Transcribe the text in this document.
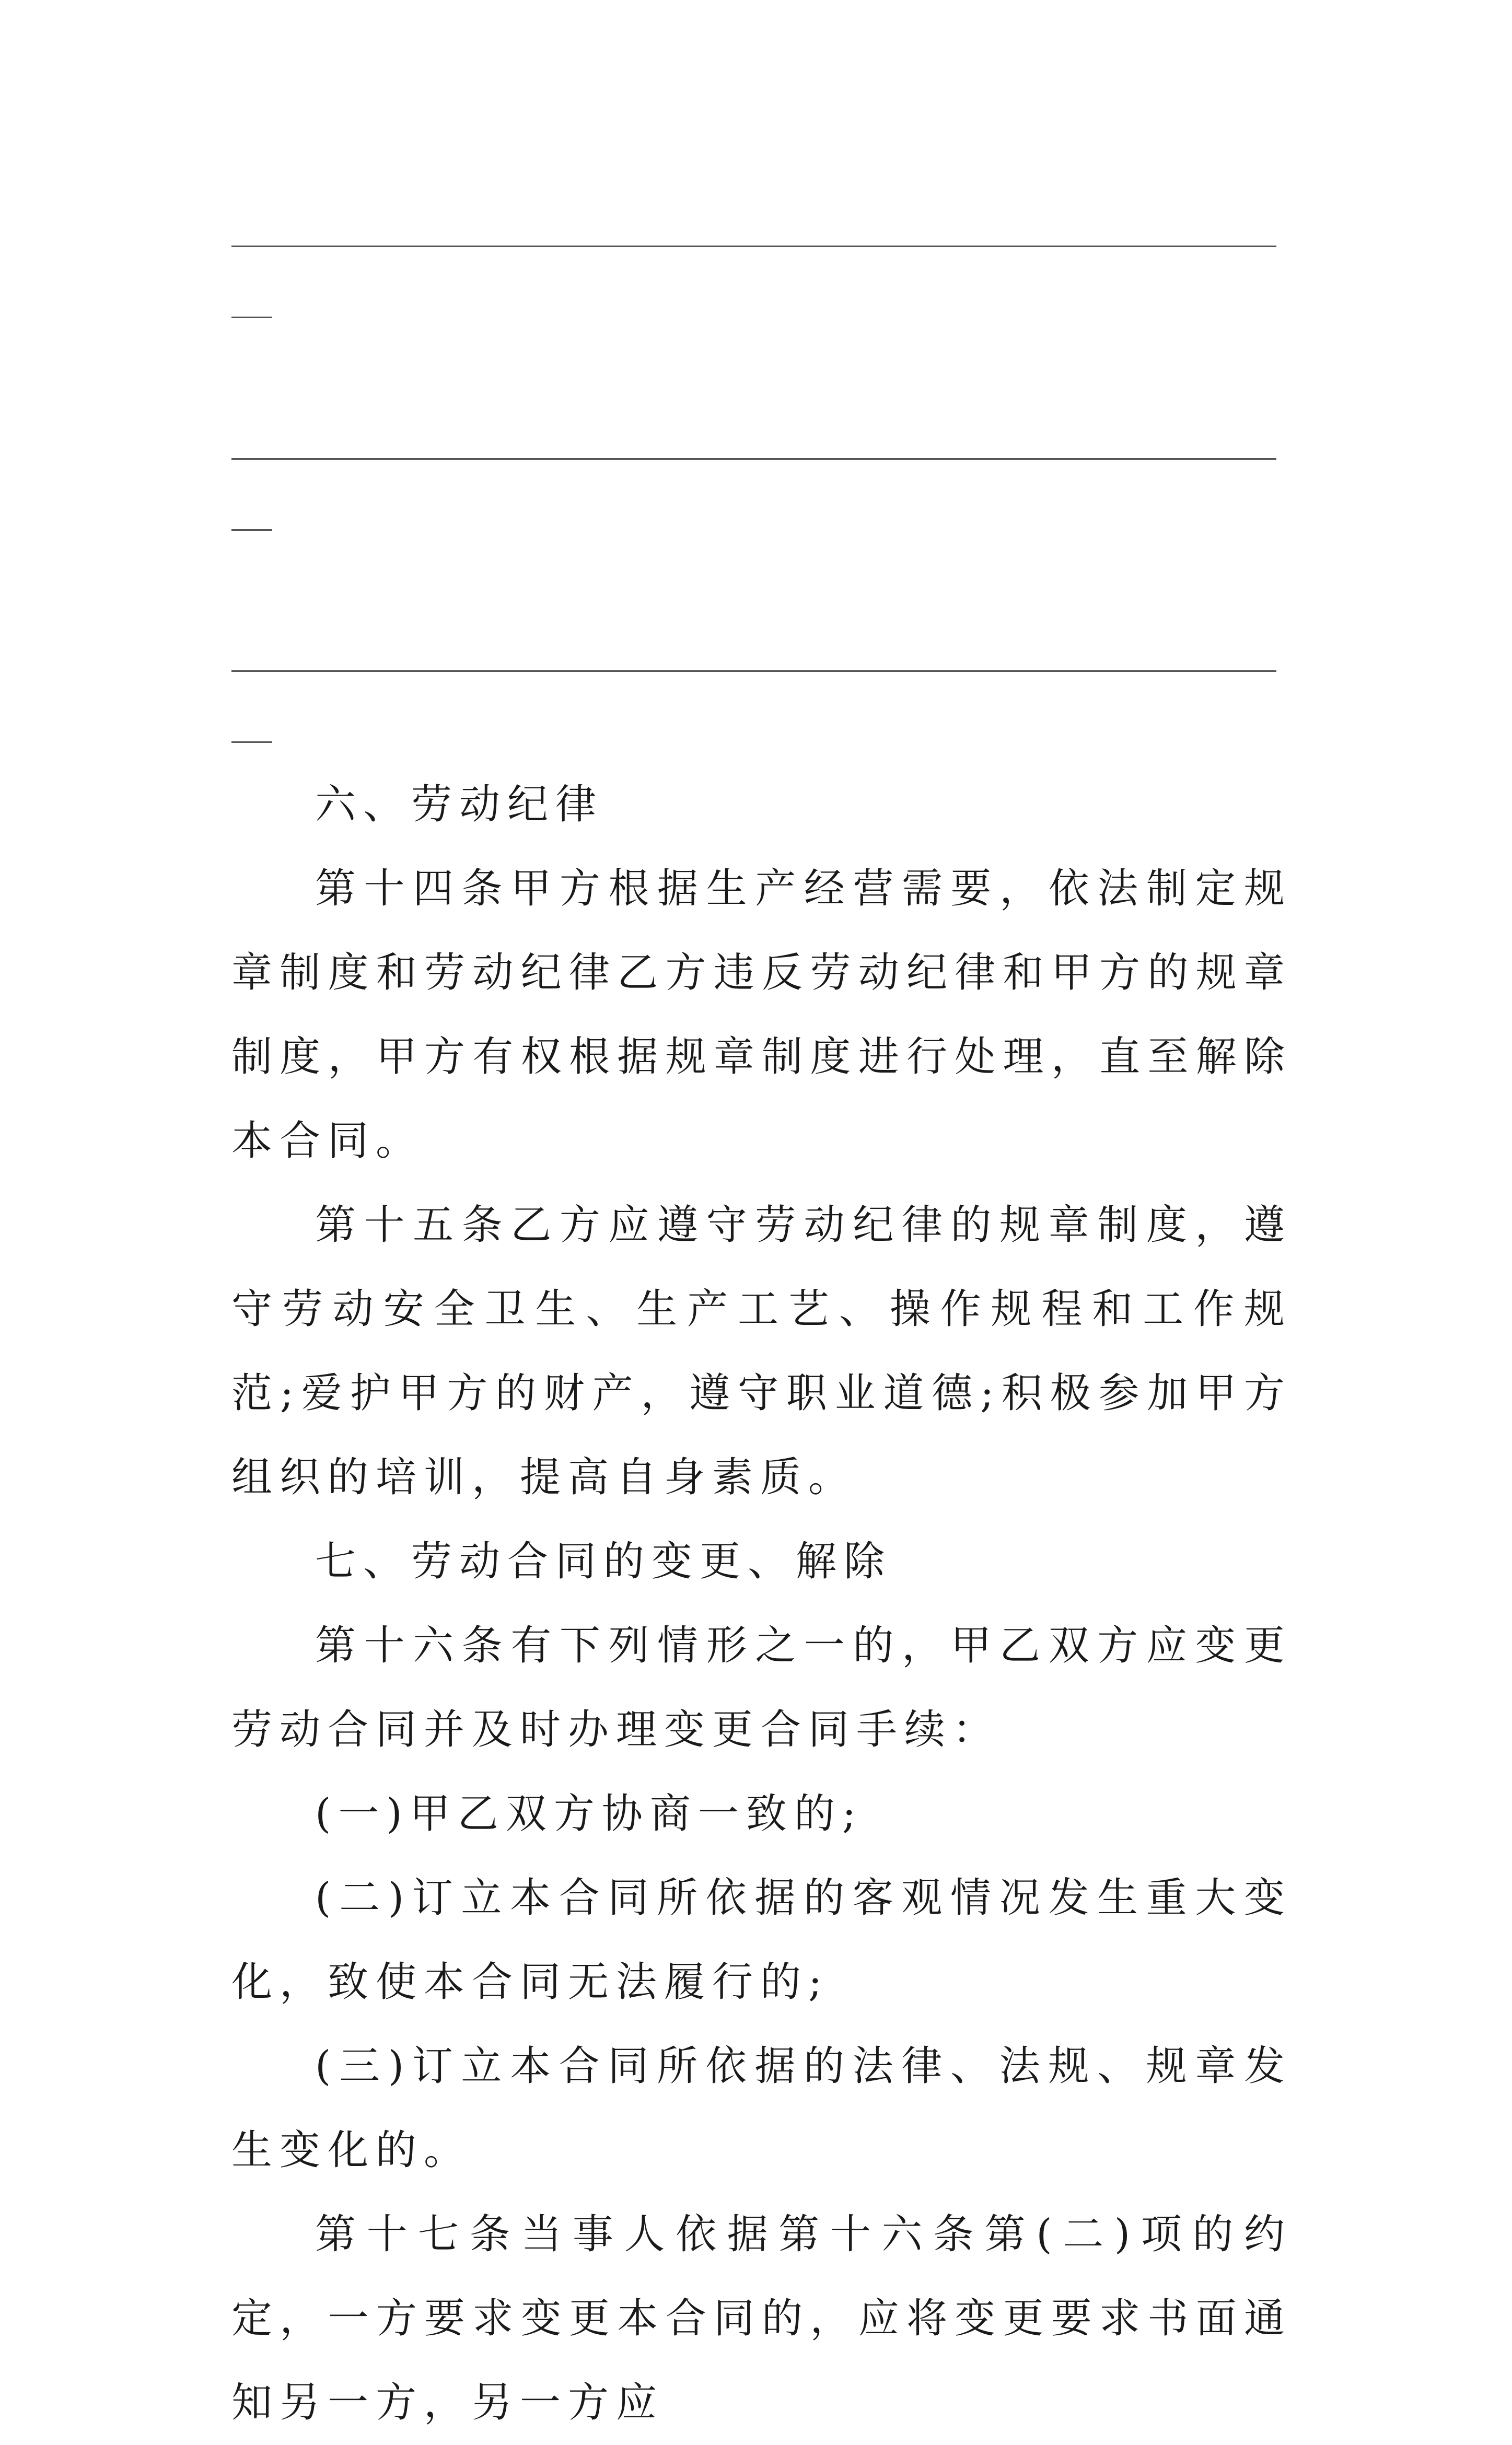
六、劳动纪律

第十四条甲方根据生产经营需要，依法制定规章制度和劳动纪律乙方违反劳动纪律和甲方的规章制度，甲方有权根据规章制度进行处理，直至解除本合同。

第十五条乙方应遵守劳动纪律的规章制度，遵守劳动安全卫生、生产工艺、操作规程和工作规范;爱护甲方的财产，遵守职业道德;积极参加甲方组织的培训，提高自身素质。

七、劳动合同的变更、解除

第十六条有下列情形之一的，甲乙双方应变更劳动合同并及时办理变更合同手续：

(一)甲乙双方协商一致的;

(二)订立本合同所依据的客观情况发生重大变化，致使本合同无法履行的;

(三)订立本合同所依据的法律、法规、规章发生变化的。

第十七条当事人依据第十六条第(二)项的约定，一方要求变更本合同的，应将变更要求书面通知另一方，另一方应
